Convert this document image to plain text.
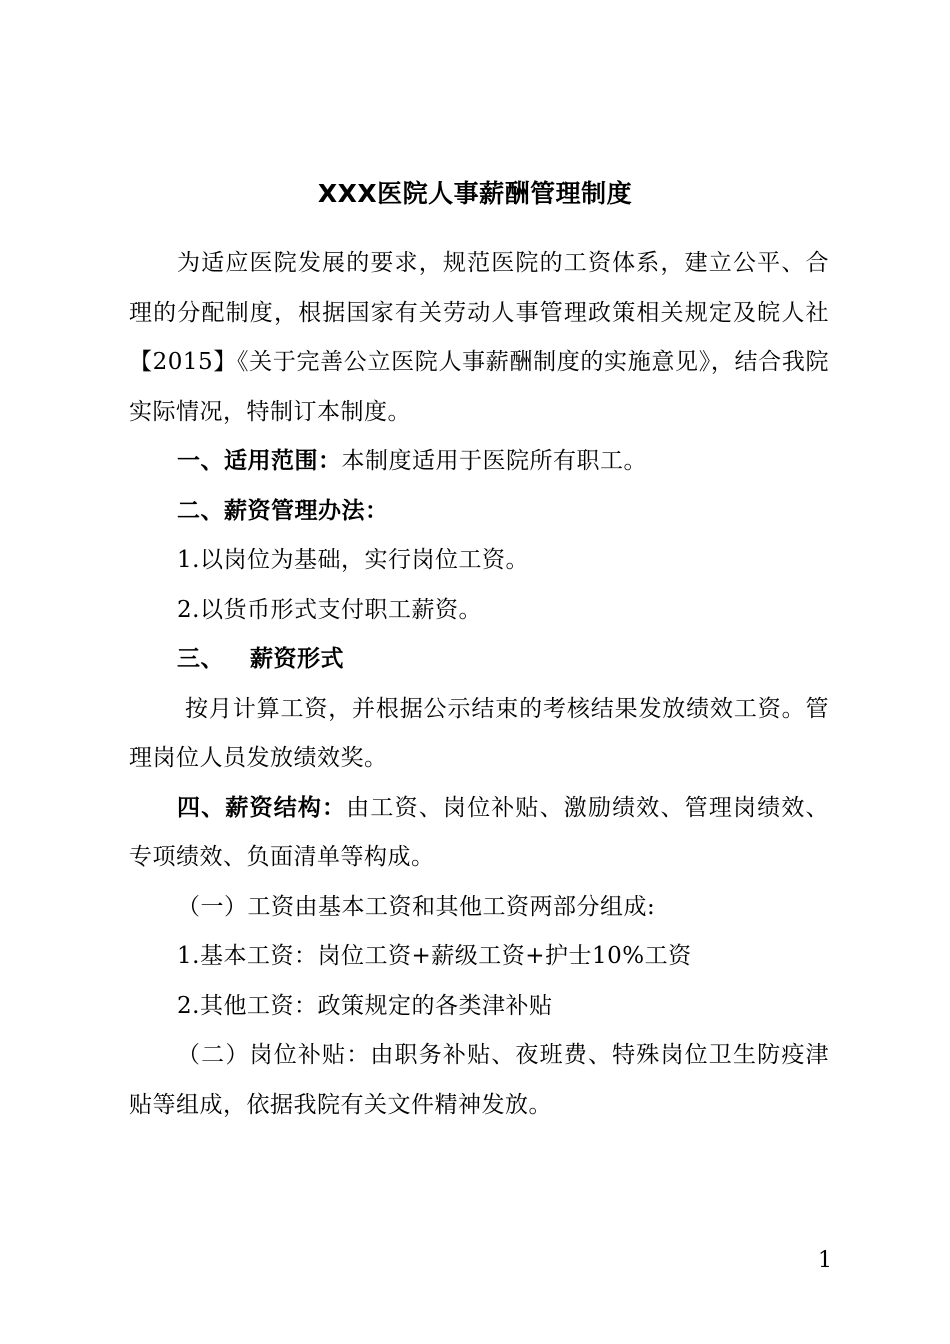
XXX医院人事薪酬管理制度

为适应医院发展的要求，规范医院的工资体系，建立公平、合理的分配制度，根据国家有关劳动人事管理政策相关规定及皖人社【2015】《关于完善公立医院人事薪酬制度的实施意见》，结合我院实际情况，特制订本制度。

一、适用范围：本制度适用于医院所有职工。

二、薪资管理办法：

1.以岗位为基础，实行岗位工资。

2.以货币形式支付职工薪资。

三、 薪资形式

按月计算工资，并根据公示结束的考核结果发放绩效工资。管理岗位人员发放绩效奖。

四、薪资结构：由工资、岗位补贴、激励绩效、管理岗绩效、专项绩效、负面清单等构成。

（一）工资由基本工资和其他工资两部分组成:

1.基本工资：岗位工资+薪级工资+护士10%工资

2.其他工资：政策规定的各类津补贴

（二）岗位补贴：由职务补贴、夜班费、特殊岗位卫生防疫津贴等组成，依据我院有关文件精神发放。

1
